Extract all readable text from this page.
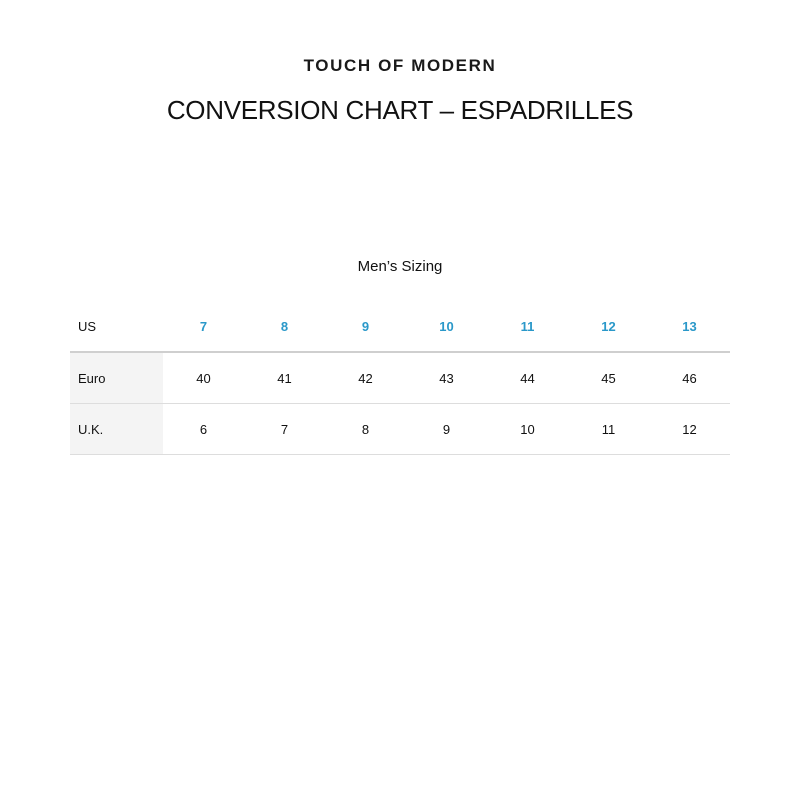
TOUCH OF MODERN
CONVERSION CHART – ESPADRILLES
Men’s Sizing
US	7	8	9	10	11	12	13
Euro	40	41	42	43	44	45	46
U.K.	6	7	8	9	10	11	12
